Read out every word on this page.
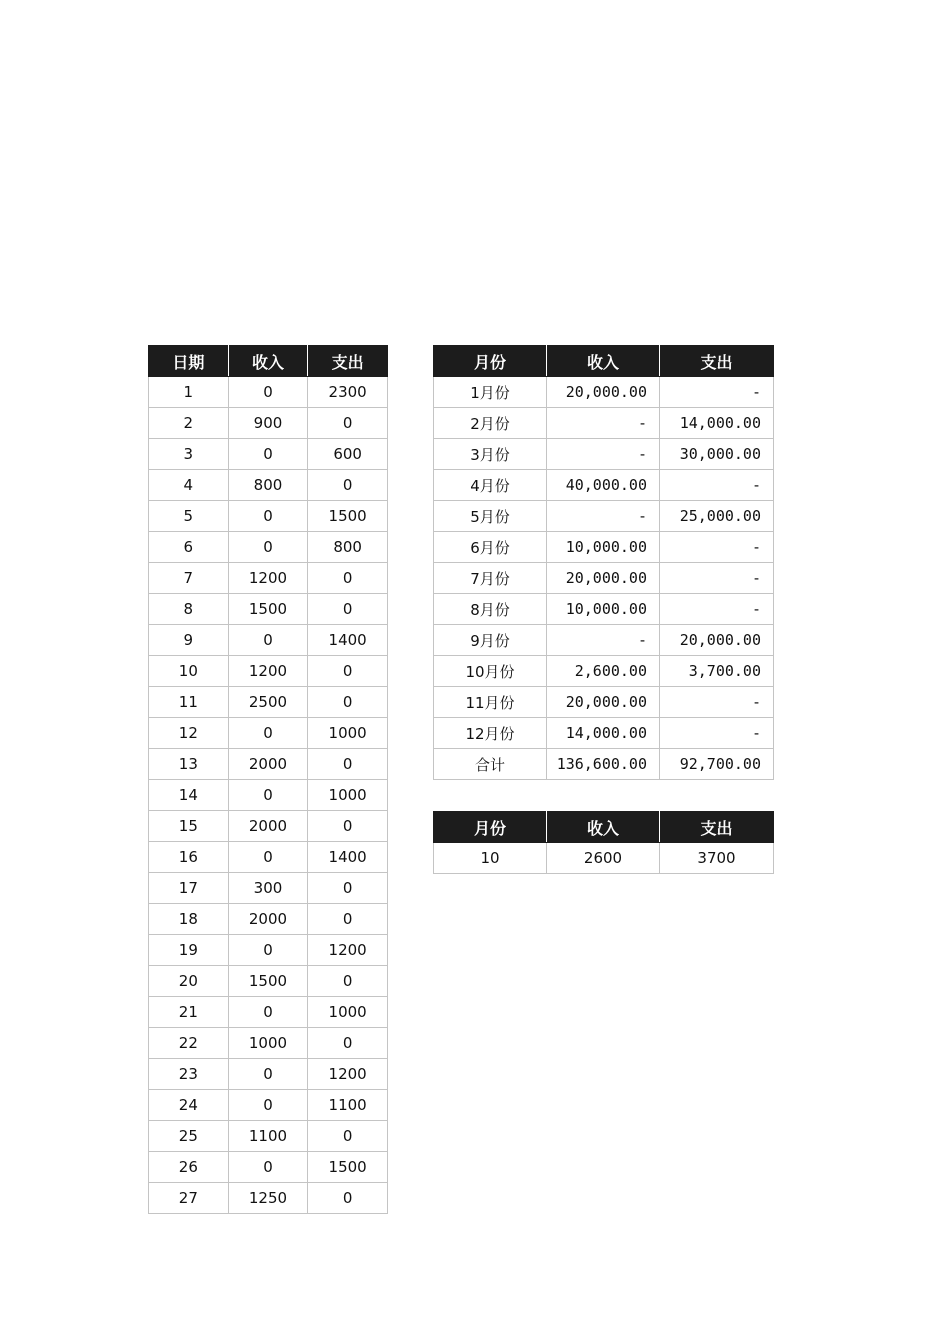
日期	收入	支出
1	0	2300
2	900	0
3	0	600
4	800	0
5	0	1500
6	0	800
7	1200	0
8	1500	0
9	0	1400
10	1200	0
11	2500	0
12	0	1000
13	2000	0
14	0	1000
15	2000	0
16	0	1400
17	300	0
18	2000	0
19	0	1200
20	1500	0
21	0	1000
22	1000	0
23	0	1200
24	0	1100
25	1100	0
26	0	1500
27	1250	0
月份	收入	支出
1月份	20,000.00	-
2月份	-	14,000.00
3月份	-	30,000.00
4月份	40,000.00	-
5月份	-	25,000.00
6月份	10,000.00	-
7月份	20,000.00	-
8月份	10,000.00	-
9月份	-	20,000.00
10月份	2,600.00	3,700.00
11月份	20,000.00	-
12月份	14,000.00	-
合计	136,600.00	92,700.00
月份	收入	支出
10	2600	3700
